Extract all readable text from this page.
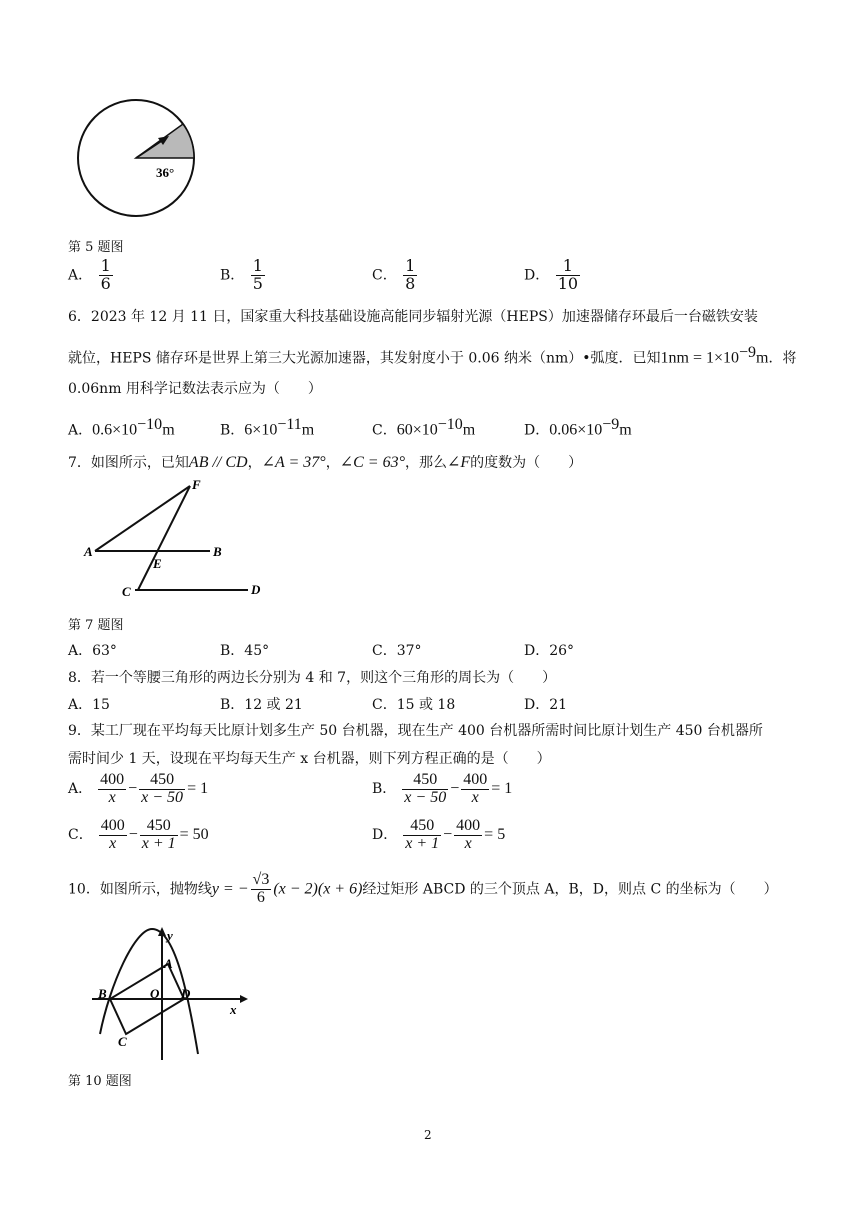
36°
第 5 题图
A． $\frac{1}{6}$	B． $\frac{1}{5}$	C． $\frac{1}{8}$	D． $\frac{1}{10}$
6．2023 年 12 月 11 日，国家重大科技基础设施高能同步辐射光源（HEPS）加速器储存环最后一台磁铁安装
就位，HEPS 储存环是世界上第三大光源加速器，其发射度小于 0.06 纳米（nm）•弧度．已知$1nm = 1\times 10^{-9}m$．将
0.06nm 用科学记数法表示应为（　　）
A．$0.6\times 10^{-10}m$	B．$6\times 10^{-11}m$	C．$60\times 10^{-10}m$	D．$0.06\times 10^{-9}m$
7．如图所示，已知AB // CD，∠A = 37°，∠C = 63°，那么∠F的度数为（　　）
F
A
E
B
C	D
第 7 题图
A．63°	B．45°	C．37°	D．26°
8．若一个等腰三角形的两边长分别为 4 和 7，则这个三角形的周长为（　　）
A．15	B．12 或 21	C．15 或 18	D．21
9．某工厂现在平均每天比原计划多生产 50 台机器，现在生产 400 台机器所需时间比原计划生产 450 台机器所
需时间少 1 天，设现在平均每天生产 x 台机器，则下列方程正确的是（　　）
A． $\frac{400}{x} - \frac{450}{x - 50} = 1$	B． $\frac{450}{x - 50} - \frac{400}{x} = 1$
C． $\frac{400}{x} - \frac{450}{x + 1} = 50$	D． $\frac{450}{x + 1} - \frac{400}{x} = 5$
10．如图所示，抛物线y = − $\frac{√3}{6} (x - 2)(x + 6)$经过矩形 ABCD 的三个顶点 A，B，D，则点 C 的坐标为（　　）
y
A
B	O D
C
x
第 10 题图
2
